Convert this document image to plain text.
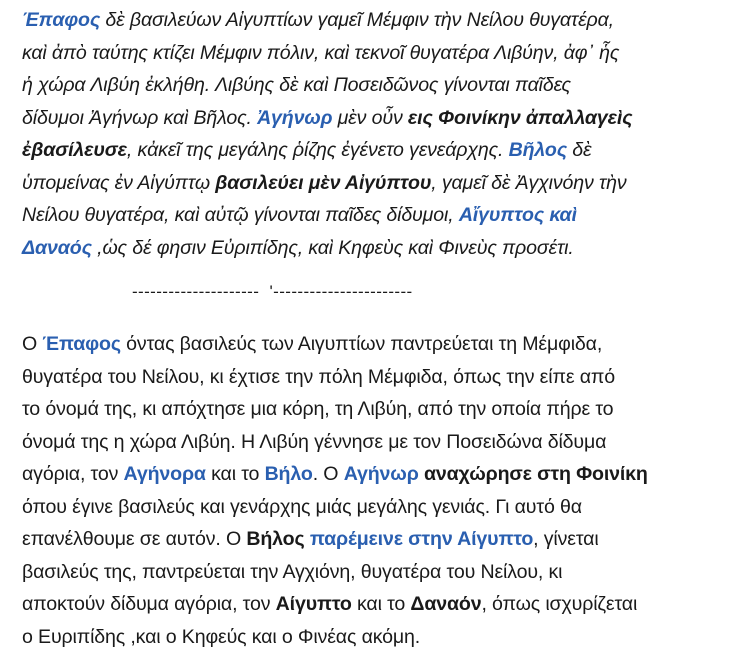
Έπαφος δὲ βασιλεύων Αἰγυπτίων γαμεῖ Μέμφιν τὴν Νείλου θυγατέρα,
καὶ ἀπὸ ταύτης κτίζει Μέμφιν πόλιν, καὶ τεκνοῖ θυγατέρα Λιβύην, ἀφ᾽ ἧς
ἡ χώρα Λιβύη ἐκλήθη. Λιβύης δὲ καὶ Ποσειδῶνος γίνονται παῖδες
δίδυμοι Ἀγήνωρ καὶ Βῆλος. Ἀγήνωρ μὲν οὖν εις Φοινίκην ἀπαλλαγεὶς
ἐβασίλευσε, κἀκεῖ της μεγάλης ῥίζης ἐγένετο γενεάρχης. Βῆλος δὲ
ὑπομείνας ἐν Αἰγύπτῳ βασιλεύει μὲν Αἰγύπτου, γαμεῖ δὲ Ἀγχινόην τὴν
Νείλου θυγατέρα, καὶ αὐτῷ γίνονται παῖδες δίδυμοι, Αἴγυπτος καὶ
Δαναός ,ὡς δέ φησιν Εὐριπίδης, καὶ Κηφεὺς καὶ Φινεὺς προσέτι.

---------------------  '-----------------------

Ο Έπαφος όντας βασιλεύς των Αιγυπτίων παντρεύεται τη Μέμφιδα,
θυγατέρα του Νείλου, κι έχτισε την πόλη Μέμφιδα, όπως την είπε από
το όνομά της, κι απόχτησε μια κόρη, τη Λιβύη, από την οποία πήρε το
όνομά της η χώρα Λιβύη. Η Λιβύη γέννησε με τον Ποσειδώνα δίδυμα
αγόρια, τον Αγήνορα και το Βήλο. Ο Αγήνωρ αναχώρησε στη Φοινίκη
όπου έγινε βασιλεύς και γενάρχης μιάς μεγάλης γενιάς. Γι αυτό θα
επανέλθουμε σε αυτόν. Ο Βήλος παρέμεινε στην Αίγυπτο, γίνεται
βασιλεύς της, παντρεύεται την Αγχιόνη, θυγατέρα του Νείλου, κι
αποκτούν δίδυμα αγόρια, τον Αίγυπτο και το Δαναόν, όπως ισχυρίζεται
ο Ευριπίδης ,και ο Κηφεύς και ο Φινέας ακόμη.
